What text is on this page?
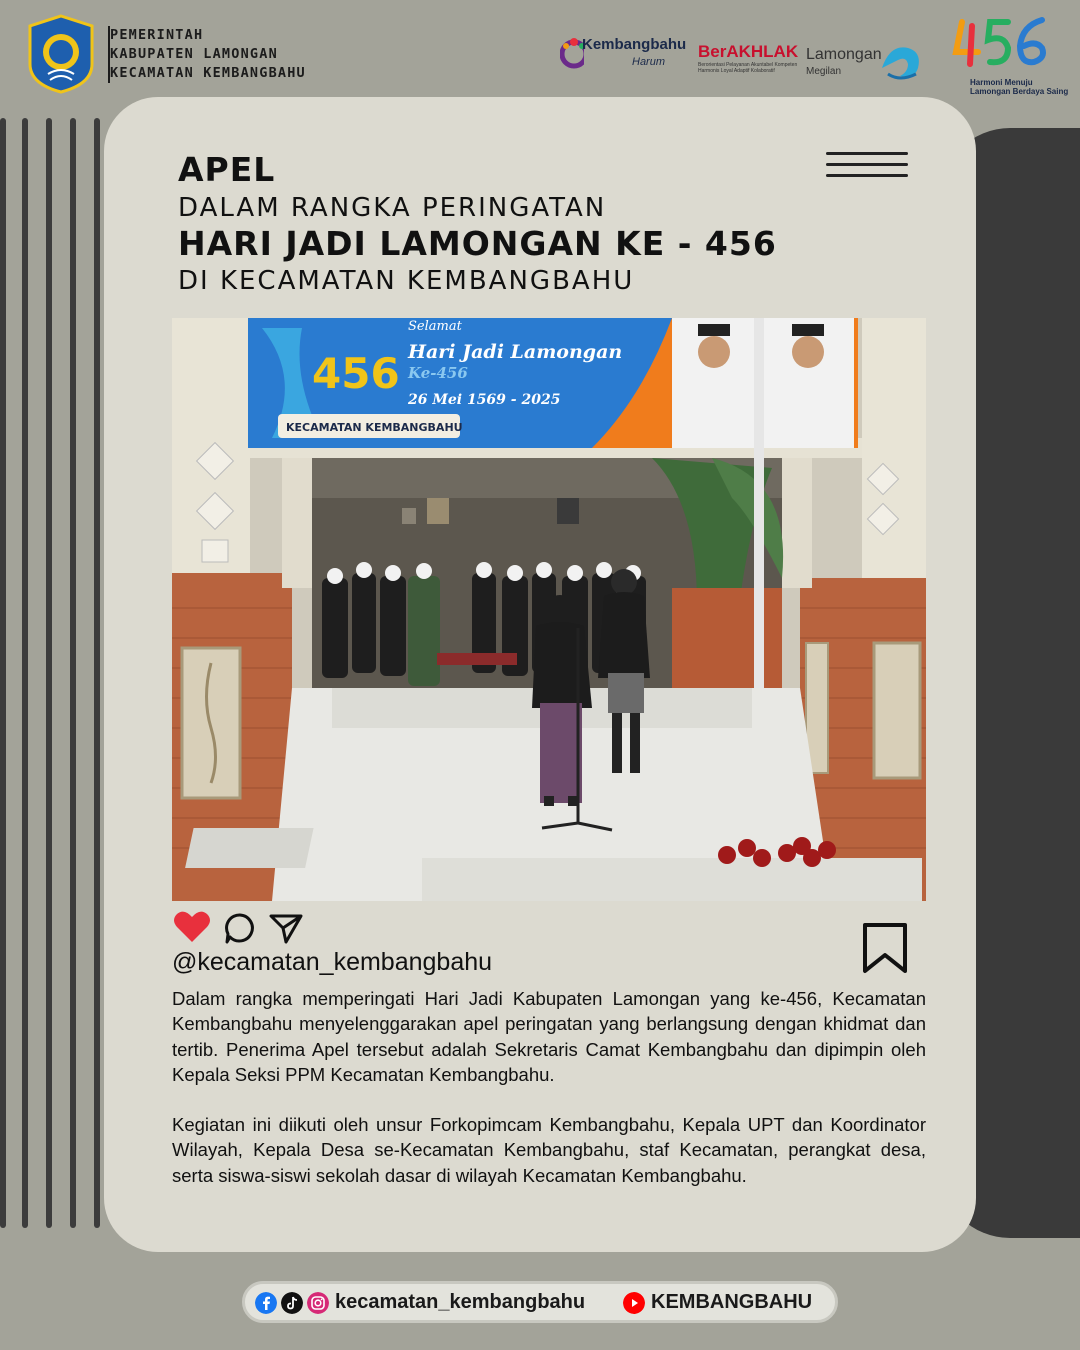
PEMERINTAH
KABUPATEN LAMONGAN
KECAMATAN KEMBANGBAHU
Kembangbahu
Harum
BerAKHLAK
Berorientasi Pelayanan Akuntabel Kompeten Harmonis Loyal Adaptif Kolaboratif
Lamongan
Megilan
Harmoni Menuju
Lamongan Berdaya Saing
APEL
DALAM RANGKA PERINGATAN
HARI JADI LAMONGAN KE - 456
DI KECAMATAN KEMBANGBAHU
456
Selamat
Hari Jadi Lamongan
Ke-456
26 Mei 1569 - 2025
KECAMATAN KEMBANGBAHU
@kecamatan_kembangbahu

Dalam rangka memperingati Hari Jadi Kabupaten Lamongan yang ke-456, Kecamatan Kembangbahu menyelenggarakan apel peringatan yang berlangsung dengan khidmat dan tertib. Penerima Apel tersebut adalah Sekretaris Camat Kembangbahu dan dipimpin oleh Kepala Seksi PPM Kecamatan Kembangbahu.

Kegiatan ini diikuti oleh unsur Forkopimcam Kembangbahu, Kepala UPT dan Koordinator Wilayah, Kepala Desa se-Kecamatan Kembangbahu, staf Kecamatan, perangkat desa, serta siswa-siswi sekolah dasar di wilayah Kecamatan Kembangbahu.

kecamatan_kembangbahu	KEMBANGBAHU
